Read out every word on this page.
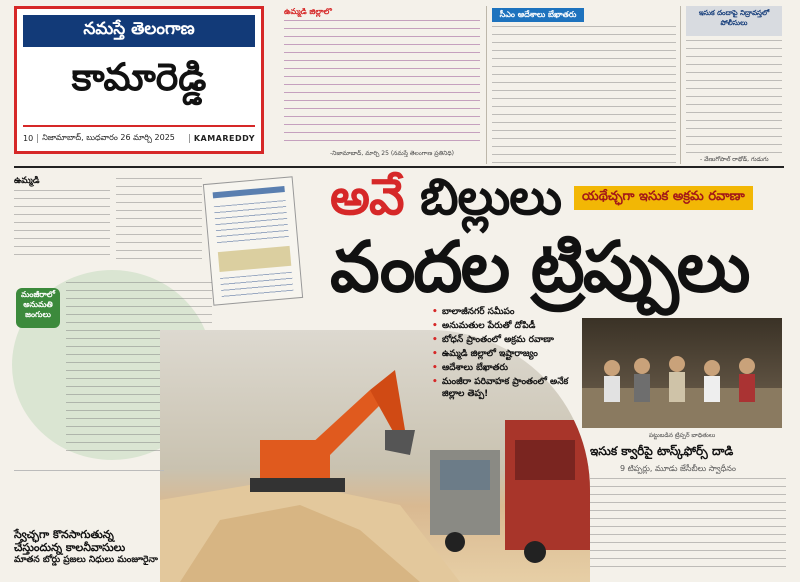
నమస్తే తెలంగాణ
కామారెడ్డి
10	నిజామాబాద్, బుధవారం 26 మార్చి 2025	KAMAREDDY
ఉమ్మడి జిల్లాలో
-నిజామాబాద్, మార్చి 25 (నమస్తే తెలంగాణ ప్రతినిధి)
సీఎం ఆదేశాలు బేఖాతరు	ఇసుక దందాపై నిద్రావస్తలో పోలీసులు
- వేణుగోపాల్ రాథోడ్, గుడుగు
ఉమ్మడి	అవే బిల్లులు	యథేచ్ఛగా ఇసుక అక్రమ రవాణా
వందల ట్రిప్పులు
మంజీరాలో అనుమతి జంగులు
•	బాలాజీనగర్ సమీపం
• అనుమతుల పేరుతో దోపిడీ
• బోధన్ ప్రాంతంలో అక్రమ రవాణా
• ఉమ్మడి జిల్లాలో ఇష్టారాజ్యం
• ఆదేశాలు బేఖాతరు
• మంజీరా పరివాహక ప్రాంతంలో అనేక జిల్లాల తెప్ప!
పట్టుబడిన ట్రిప్పర్ బాధితులు
ఇసుక క్వారీపై టాస్క్‌ఫోర్స్ దాడి
9 టిప్పర్లు, మూడు జేసీబీలు స్వాధీనం
స్వేచ్ఛగా కొనసాగుతున్న
చేస్తుందున్న కాలనీవాసులు
మాతన బోర్డు ప్రజలు నిధులు మంజూరైనా
